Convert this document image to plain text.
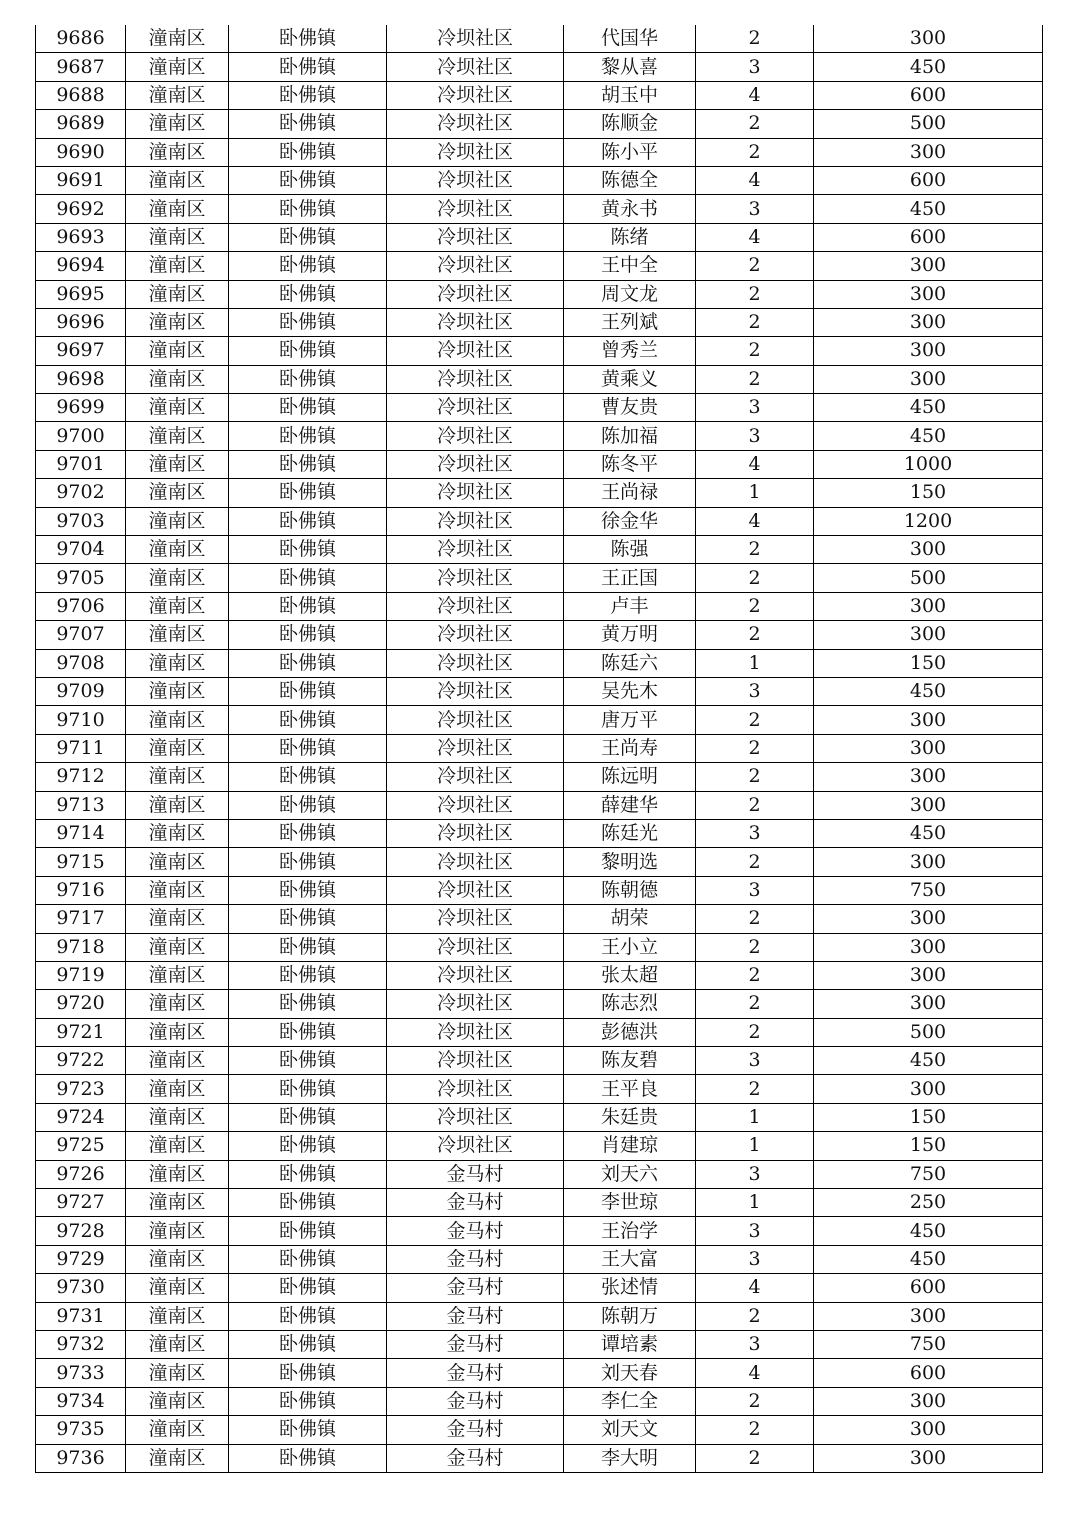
9686	潼南区	卧佛镇	冷坝社区	代国华	2	300
9687	潼南区	卧佛镇	冷坝社区	黎从喜	3	450
9688	潼南区	卧佛镇	冷坝社区	胡玉中	4	600
9689	潼南区	卧佛镇	冷坝社区	陈顺金	2	500
9690	潼南区	卧佛镇	冷坝社区	陈小平	2	300
9691	潼南区	卧佛镇	冷坝社区	陈德全	4	600
9692	潼南区	卧佛镇	冷坝社区	黄永书	3	450
9693	潼南区	卧佛镇	冷坝社区	陈绪	4	600
9694	潼南区	卧佛镇	冷坝社区	王中全	2	300
9695	潼南区	卧佛镇	冷坝社区	周文龙	2	300
9696	潼南区	卧佛镇	冷坝社区	王列斌	2	300
9697	潼南区	卧佛镇	冷坝社区	曾秀兰	2	300
9698	潼南区	卧佛镇	冷坝社区	黄乘义	2	300
9699	潼南区	卧佛镇	冷坝社区	曹友贵	3	450
9700	潼南区	卧佛镇	冷坝社区	陈加福	3	450
9701	潼南区	卧佛镇	冷坝社区	陈冬平	4	1000
9702	潼南区	卧佛镇	冷坝社区	王尚禄	1	150
9703	潼南区	卧佛镇	冷坝社区	徐金华	4	1200
9704	潼南区	卧佛镇	冷坝社区	陈强	2	300
9705	潼南区	卧佛镇	冷坝社区	王正国	2	500
9706	潼南区	卧佛镇	冷坝社区	卢丰	2	300
9707	潼南区	卧佛镇	冷坝社区	黄万明	2	300
9708	潼南区	卧佛镇	冷坝社区	陈廷六	1	150
9709	潼南区	卧佛镇	冷坝社区	吴先木	3	450
9710	潼南区	卧佛镇	冷坝社区	唐万平	2	300
9711	潼南区	卧佛镇	冷坝社区	王尚寿	2	300
9712	潼南区	卧佛镇	冷坝社区	陈远明	2	300
9713	潼南区	卧佛镇	冷坝社区	薛建华	2	300
9714	潼南区	卧佛镇	冷坝社区	陈廷光	3	450
9715	潼南区	卧佛镇	冷坝社区	黎明选	2	300
9716	潼南区	卧佛镇	冷坝社区	陈朝德	3	750
9717	潼南区	卧佛镇	冷坝社区	胡荣	2	300
9718	潼南区	卧佛镇	冷坝社区	王小立	2	300
9719	潼南区	卧佛镇	冷坝社区	张太超	2	300
9720	潼南区	卧佛镇	冷坝社区	陈志烈	2	300
9721	潼南区	卧佛镇	冷坝社区	彭德洪	2	500
9722	潼南区	卧佛镇	冷坝社区	陈友碧	3	450
9723	潼南区	卧佛镇	冷坝社区	王平良	2	300
9724	潼南区	卧佛镇	冷坝社区	朱廷贵	1	150
9725	潼南区	卧佛镇	冷坝社区	肖建琼	1	150
9726	潼南区	卧佛镇	金马村	刘天六	3	750
9727	潼南区	卧佛镇	金马村	李世琼	1	250
9728	潼南区	卧佛镇	金马村	王治学	3	450
9729	潼南区	卧佛镇	金马村	王大富	3	450
9730	潼南区	卧佛镇	金马村	张述情	4	600
9731	潼南区	卧佛镇	金马村	陈朝万	2	300
9732	潼南区	卧佛镇	金马村	谭培素	3	750
9733	潼南区	卧佛镇	金马村	刘天春	4	600
9734	潼南区	卧佛镇	金马村	李仁全	2	300
9735	潼南区	卧佛镇	金马村	刘天文	2	300
9736	潼南区	卧佛镇	金马村	李大明	2	300
